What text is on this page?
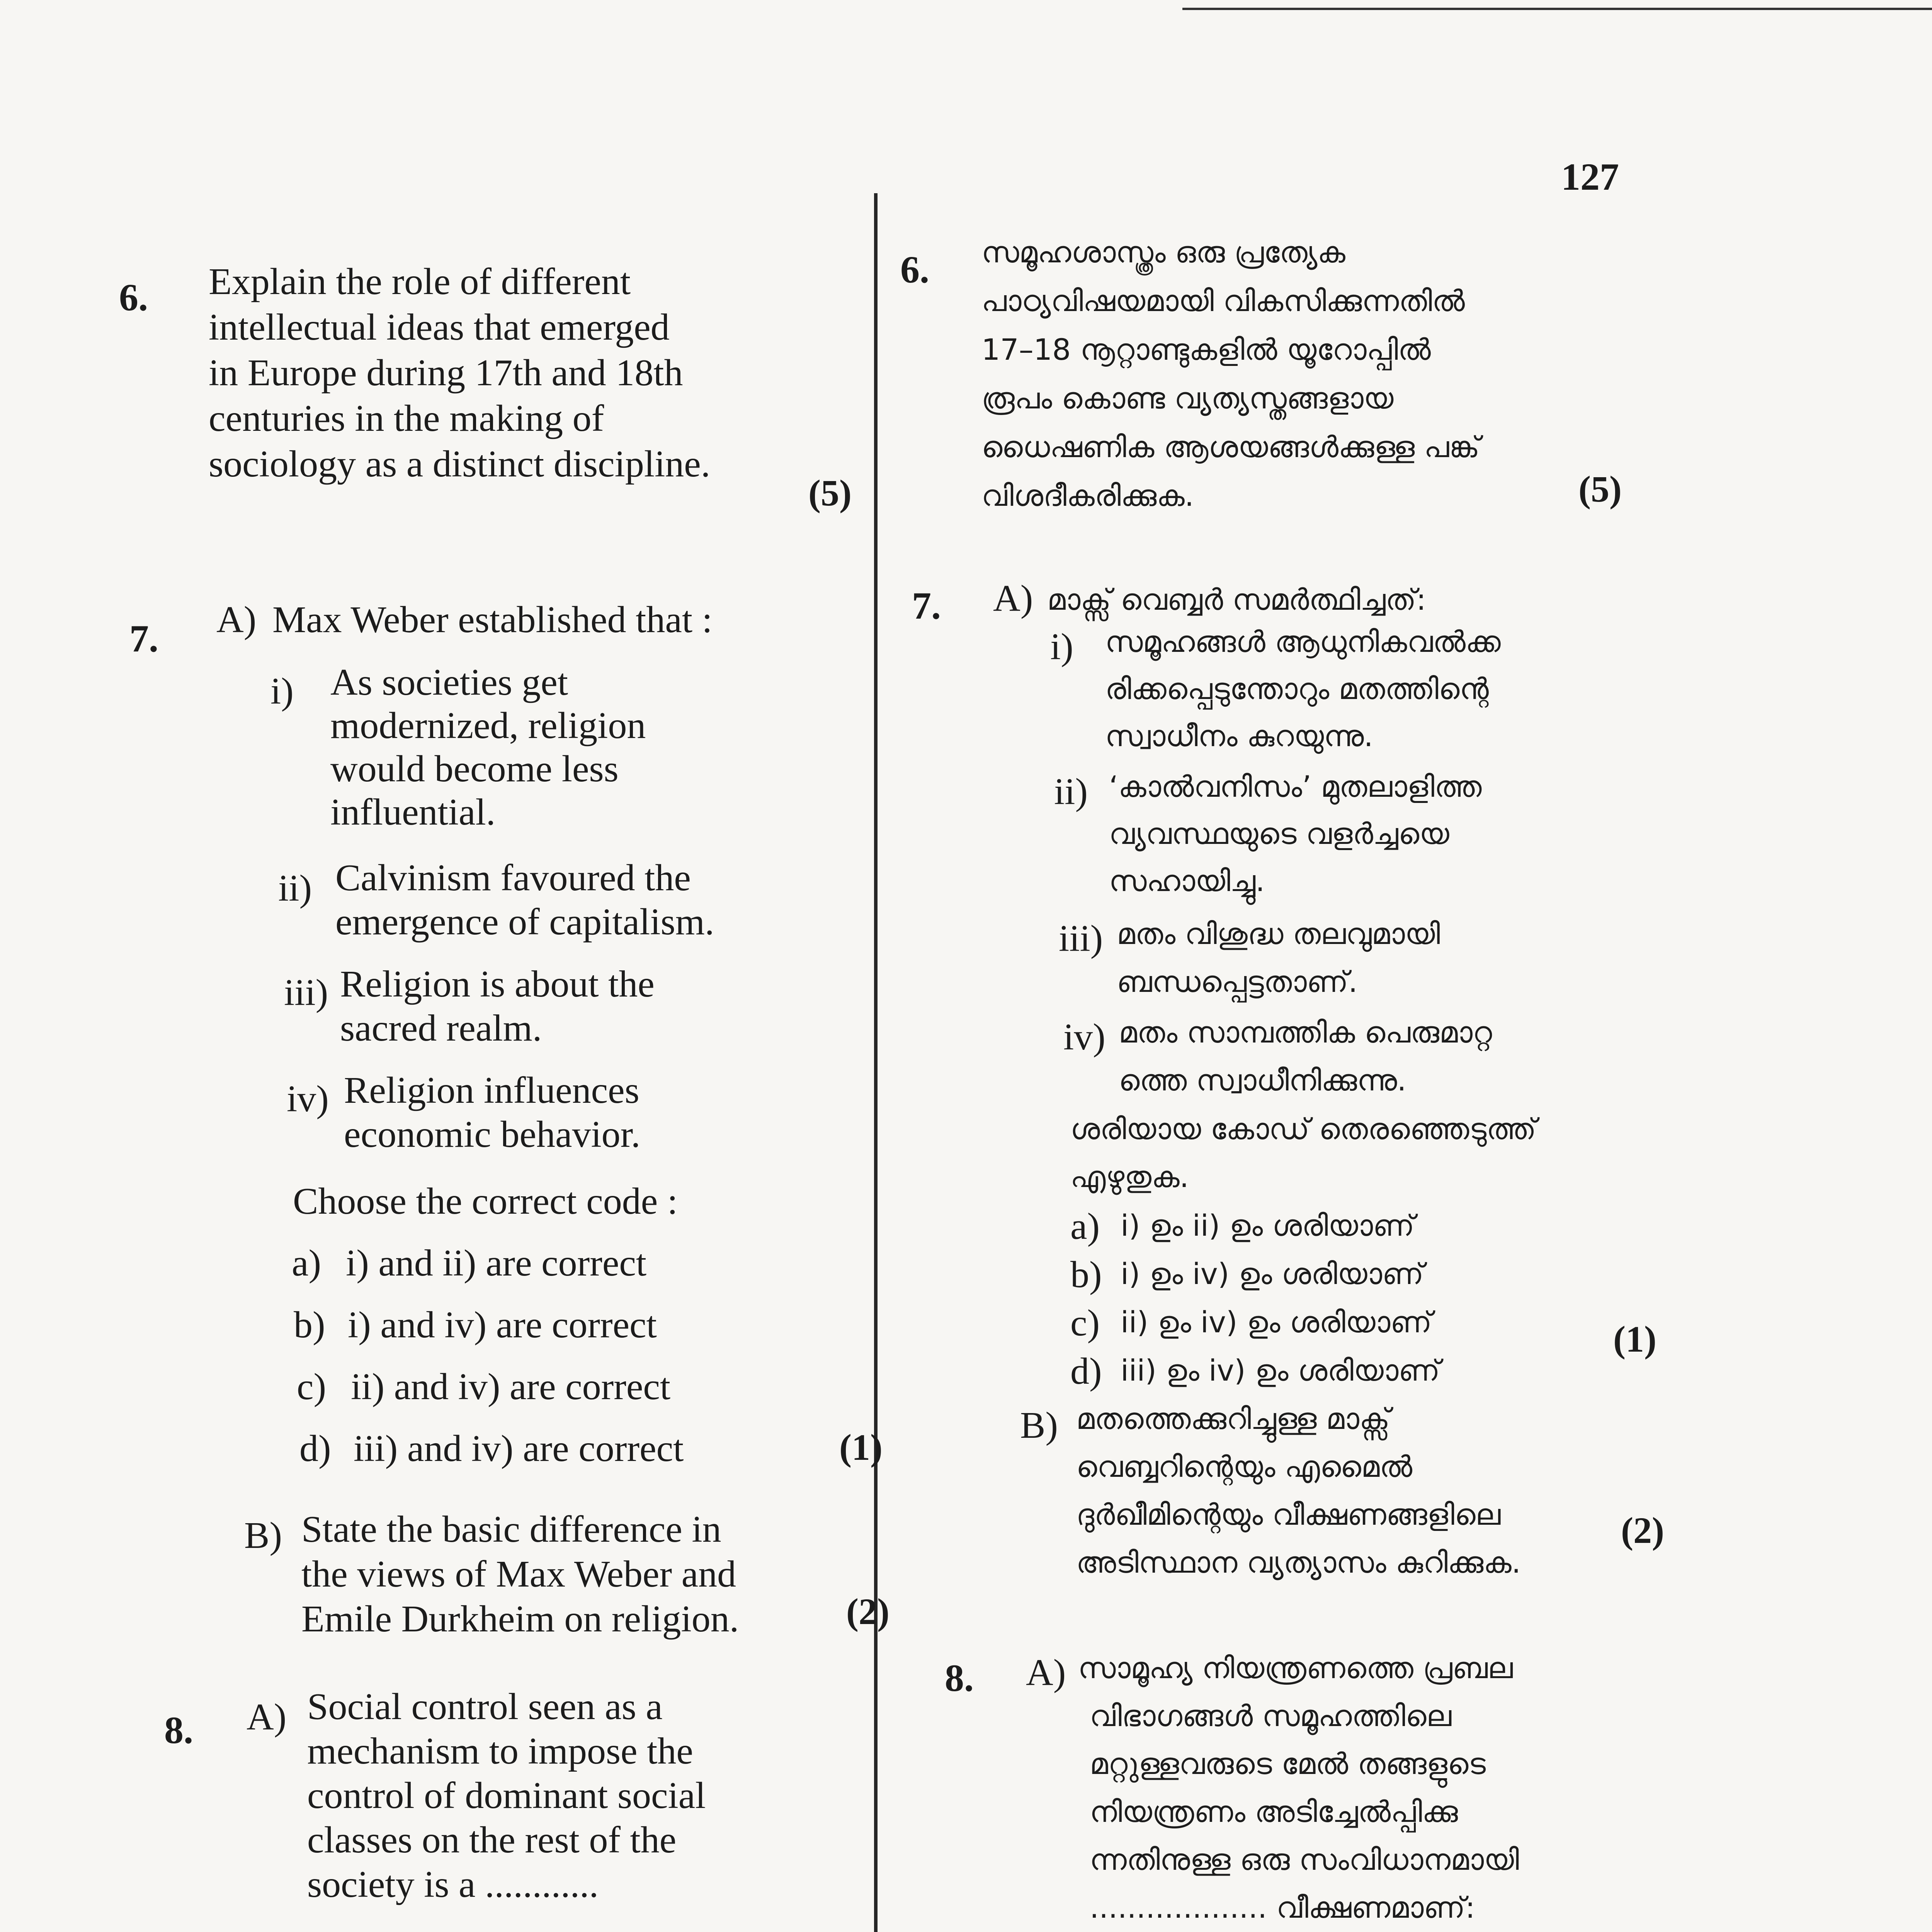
127
6. Explain the role of different
intellectual ideas that emerged
in Europe during 17th and 18th
centuries in the making of
sociology as a distinct discipline.
(5)
7. A) Max Weber established that :
i) As societies get
modernized, religion
would become less
influential.
ii) Calvinism favoured the
emergence of capitalism.
iii) Religion is about the
sacred realm.
iv) Religion influences
economic behavior.
Choose the correct code :
a) i) and ii) are correct
b) i) and iv) are correct
c) ii) and iv) are correct
d) iii) and iv) are correct	(1)
B) State the basic difference in
the views of Max Weber and
Emile Durkheim on religion.	(2)
8. A) Social control seen as a
mechanism to impose the
control of dominant social
classes on the rest of the
society is a ............
6. സമൂഹശാസ്ത്രം ഒരു പ്രത്യേക
പാഠ്യവിഷയമായി വികസിക്കുന്നതിൽ
17–18 നൂറ്റാണ്ടുകളിൽ യൂറോപ്പിൽ
രൂപം കൊണ്ട വ്യത്യസ്തങ്ങളായ
ധൈഷണിക ആശയങ്ങൾക്കുള്ള പങ്ക്
വിശദീകരിക്കുക.	(5)
7. A) മാക്സ് വെബ്ബർ സമർത്ഥിച്ചത്:
i) സമൂഹങ്ങൾ ആധുനികവൽക്ക
രിക്കപ്പെടുന്തോറും മതത്തിന്റെ
സ്വാധീനം കുറയുന്നു.
ii) ‘കാൽവനിസം’ മുതലാളിത്ത
വ്യവസ്ഥയുടെ വളർച്ചയെ
സഹായിച്ചു.
iii) മതം വിശുദ്ധ തലവുമായി
ബന്ധപ്പെട്ടതാണ്.
iv) മതം സാമ്പത്തിക പെരുമാറ്റ
ത്തെ സ്വാധീനിക്കുന്നു.
ശരിയായ കോഡ് തെരഞ്ഞെടുത്ത്
എഴുതുക.
a) i) ഉം ii) ഉം ശരിയാണ്
b) i) ഉം iv) ഉം ശരിയാണ്
c) ii) ഉം iv) ഉം ശരിയാണ്
d) iii) ഉം iv) ഉം ശരിയാണ്
(1)
B) മതത്തെക്കുറിച്ചുള്ള മാക്സ്
വെബ്ബറിന്റെയും എമൈൽ
ദുർഖീമിന്റെയും വീക്ഷണങ്ങളിലെ
അടിസ്ഥാന വ്യത്യാസം കുറിക്കുക.
(2)
8. A) സാമൂഹ്യ നിയന്ത്രണത്തെ പ്രബല
വിഭാഗങ്ങൾ സമൂഹത്തിലെ
മറ്റുള്ളവരുടെ മേൽ തങ്ങളുടെ
നിയന്ത്രണം അടിച്ചേൽപ്പിക്കു
ന്നതിനുള്ള ഒരു സംവിധാനമായി
................... വീക്ഷണമാണ്:
